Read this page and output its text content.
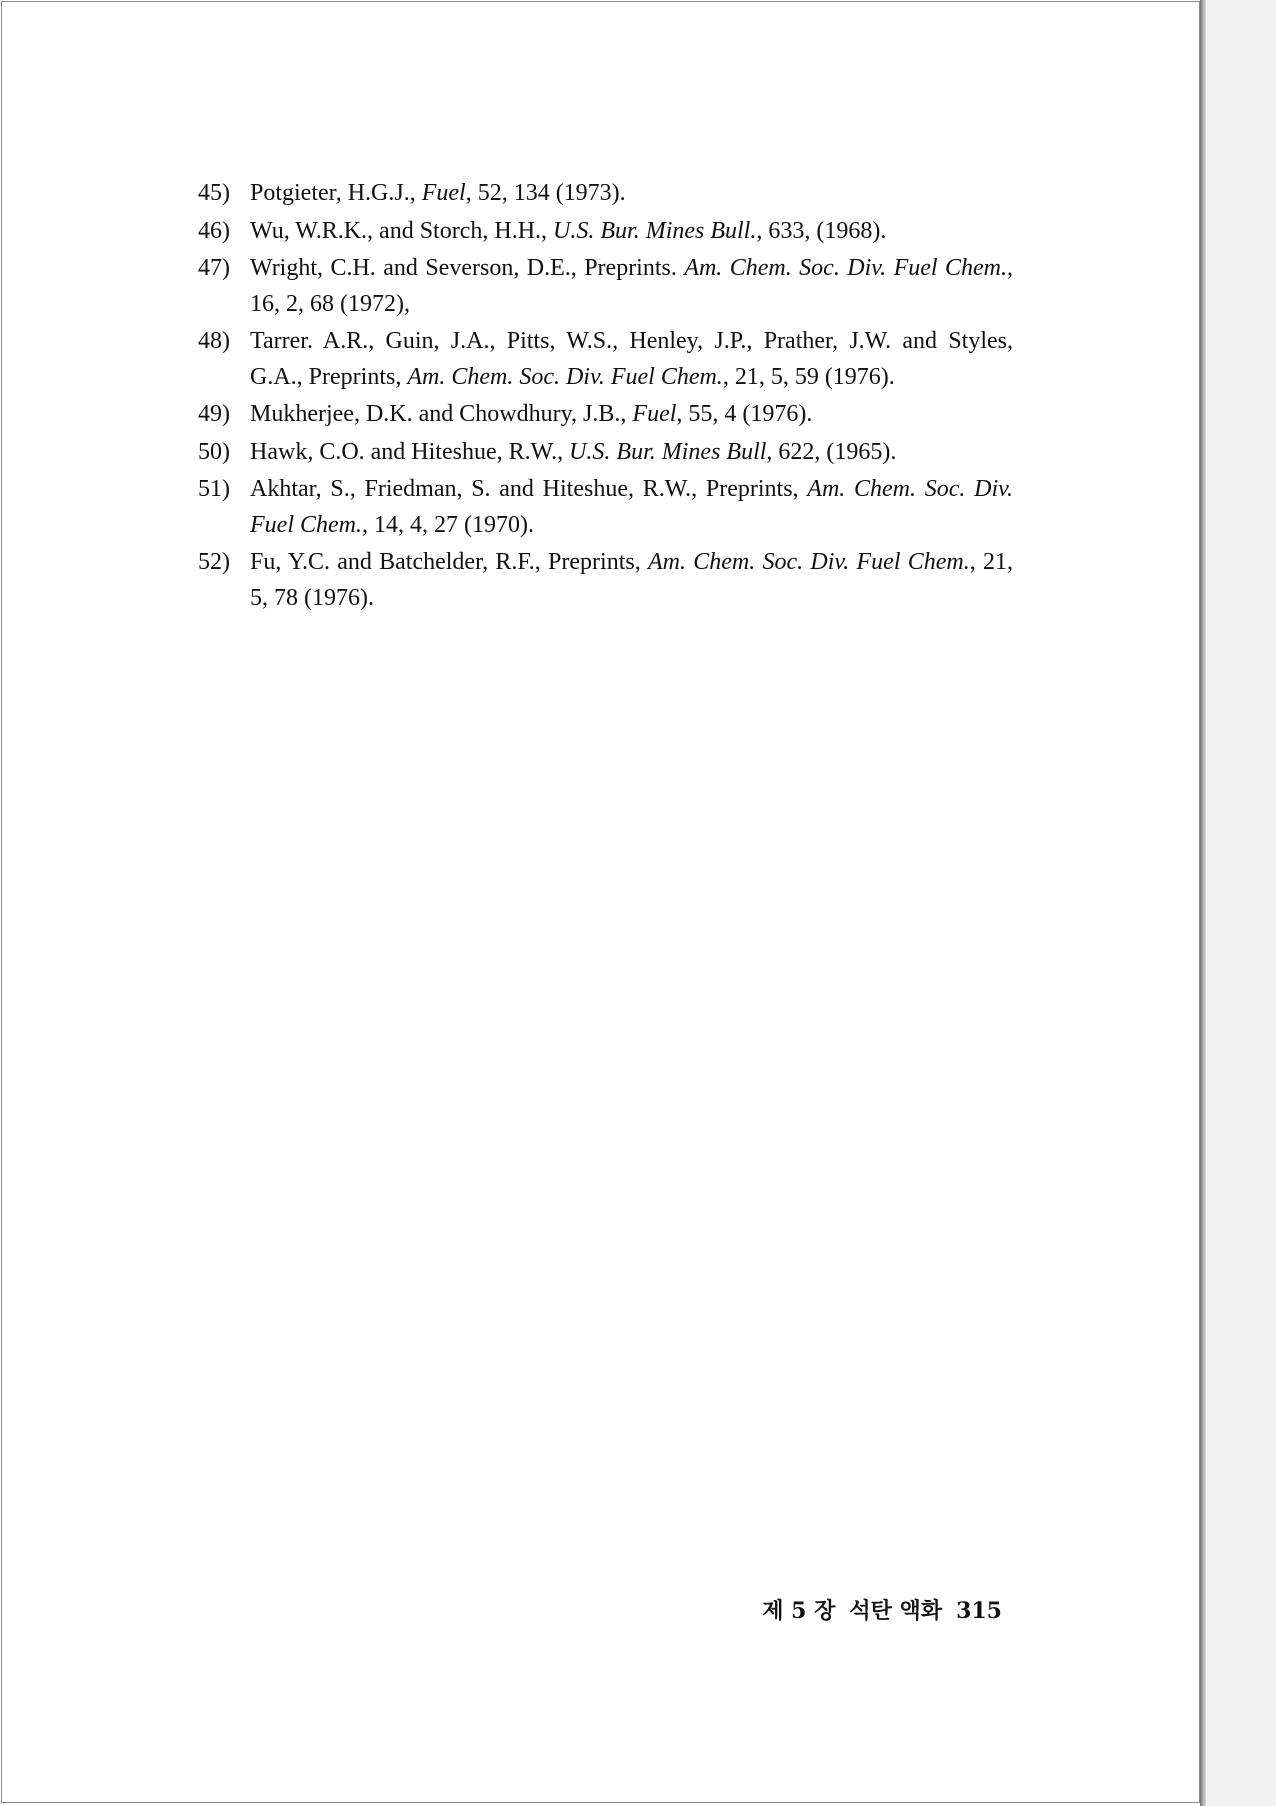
45) Potgieter, H.G.J., Fuel, 52, 134 (1973).
46) Wu, W.R.K., and Storch, H.H., U.S. Bur. Mines Bull., 633, (1968).
47) Wright, C.H. and Severson, D.E., Preprints. Am. Chem. Soc. Div. Fuel Chem., 16, 2, 68 (1972),
48) Tarrer. A.R., Guin, J.A., Pitts, W.S., Henley, J.P., Prather, J.W. and Styles, G.A., Preprints, Am. Chem. Soc. Div. Fuel Chem., 21, 5, 59 (1976).
49) Mukherjee, D.K. and Chowdhury, J.B., Fuel, 55, 4 (1976).
50) Hawk, C.O. and Hiteshue, R.W., U.S. Bur. Mines Bull, 622, (1965).
51) Akhtar, S., Friedman, S. and Hiteshue, R.W., Preprints, Am. Chem. Soc. Div. Fuel Chem., 14, 4, 27 (1970).
52) Fu, Y.C. and Batchelder, R.F., Preprints, Am. Chem. Soc. Div. Fuel Chem., 21, 5, 78 (1976).
제 5 장 석탄 액화 315
